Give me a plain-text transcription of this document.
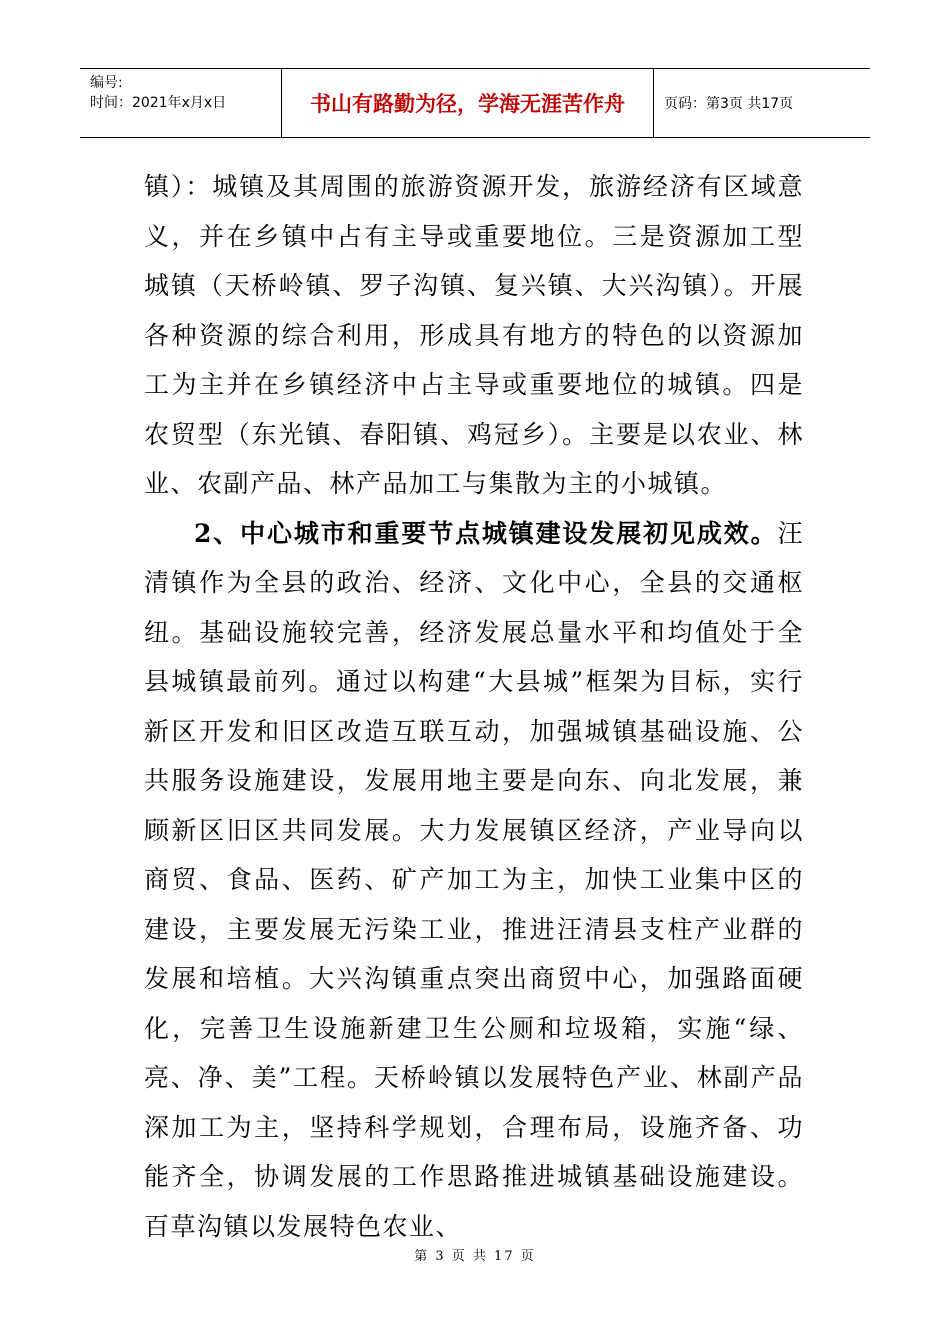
编号:
时间：2021年x月x日	书山有路勤为径，学海无涯苦作舟	页码：第3页 共17页

镇）：城镇及其周围的旅游资源开发，旅游经济有区域意义，并在乡镇中占有主导或重要地位。三是资源加工型城镇（天桥岭镇、罗子沟镇、复兴镇、大兴沟镇）。开展各种资源的综合利用，形成具有地方的特色的以资源加工为主并在乡镇经济中占主导或重要地位的城镇。四是农贸型（东光镇、春阳镇、鸡冠乡）。主要是以农业、林业、农副产品、林产品加工与集散为主的小城镇。

2、中心城市和重要节点城镇建设发展初见成效。汪清镇作为全县的政治、经济、文化中心，全县的交通枢纽。基础设施较完善，经济发展总量水平和均值处于全县城镇最前列。通过以构建“大县城”框架为目标，实行新区开发和旧区改造互联互动，加强城镇基础设施、公共服务设施建设，发展用地主要是向东、向北发展，兼顾新区旧区共同发展。大力发展镇区经济，产业导向以商贸、食品、医药、矿产加工为主，加快工业集中区的建设，主要发展无污染工业，推进汪清县支柱产业群的发展和培植。大兴沟镇重点突出商贸中心，加强路面硬化，完善卫生设施新建卫生公厕和垃圾箱，实施“绿、亮、净、美”工程。天桥岭镇以发展特色产业、林副产品深加工为主，坚持科学规划，合理布局，设施齐备、功能齐全，协调发展的工作思路推进城镇基础设施建设。百草沟镇以发展特色农业、

第 3 页 共 17 页
